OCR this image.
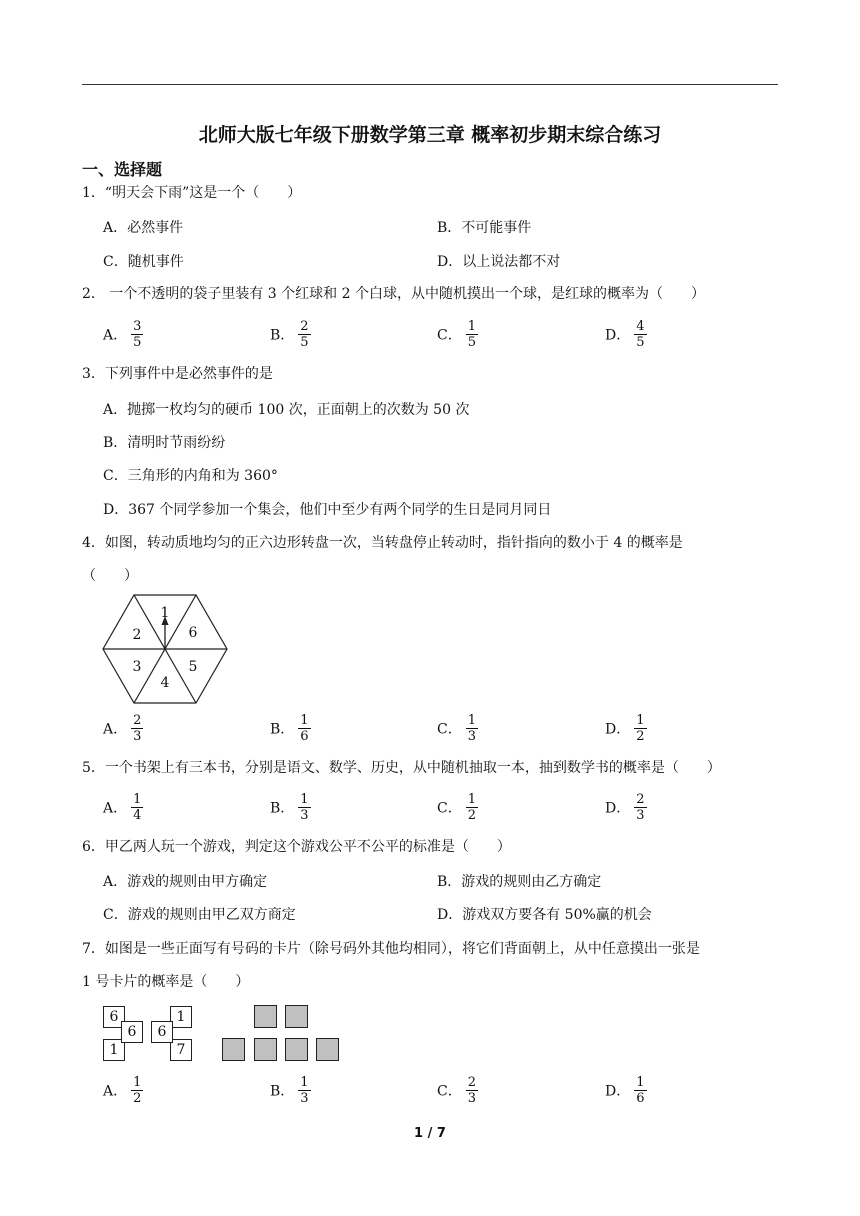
北师大版七年级下册数学第三章 概率初步期末综合练习
一、选择题
1．“明天会下雨”这是一个（　　）
A．必然事件	B．不可能事件
C．随机事件	D．以上说法都不对
2． 一个不透明的袋子里装有 3 个红球和 2 个白球，从中随机摸出一个球，是红球的概率为（　　）
A． $\frac{3}{5}$	B． $\frac{2}{5}$	C． $\frac{1}{5}$	D． $\frac{4}{5}$
3．下列事件中是必然事件的是
A．抛掷一枚均匀的硬币 100 次，正面朝上的次数为 50 次
B．清明时节雨纷纷
C．三角形的内角和为 360°
D．367 个同学参加一个集会，他们中至少有两个同学的生日是同月同日
4．如图，转动质地均匀的正六边形转盘一次，当转盘停止转动时，指针指向的数小于 4 的概率是
（　　）
1
6
5
4
3
2
A． $\frac{2}{3}$	B． $\frac{1}{6}$	C． $\frac{1}{3}$	D． $\frac{1}{2}$
5．一个书架上有三本书，分别是语文、数学、历史，从中随机抽取一本，抽到数学书的概率是（　　）
A． $\frac{1}{4}$	B． $\frac{1}{3}$	C． $\frac{1}{2}$	D． $\frac{2}{3}$
6．甲乙两人玩一个游戏，判定这个游戏公平不公平的标准是（　　）
A．游戏的规则由甲方确定	B．游戏的规则由乙方确定
C．游戏的规则由甲乙双方商定	D．游戏双方要各有 50%赢的机会
7．如图是一些正面写有号码的卡片（除号码外其他均相同），将它们背面朝上，从中任意摸出一张是
1 号卡片的概率是（　　）
6
1
6
1
7
6
A． $\frac{1}{2}$	B． $\frac{1}{3}$	C． $\frac{2}{3}$	D． $\frac{1}{6}$
1 / 7
